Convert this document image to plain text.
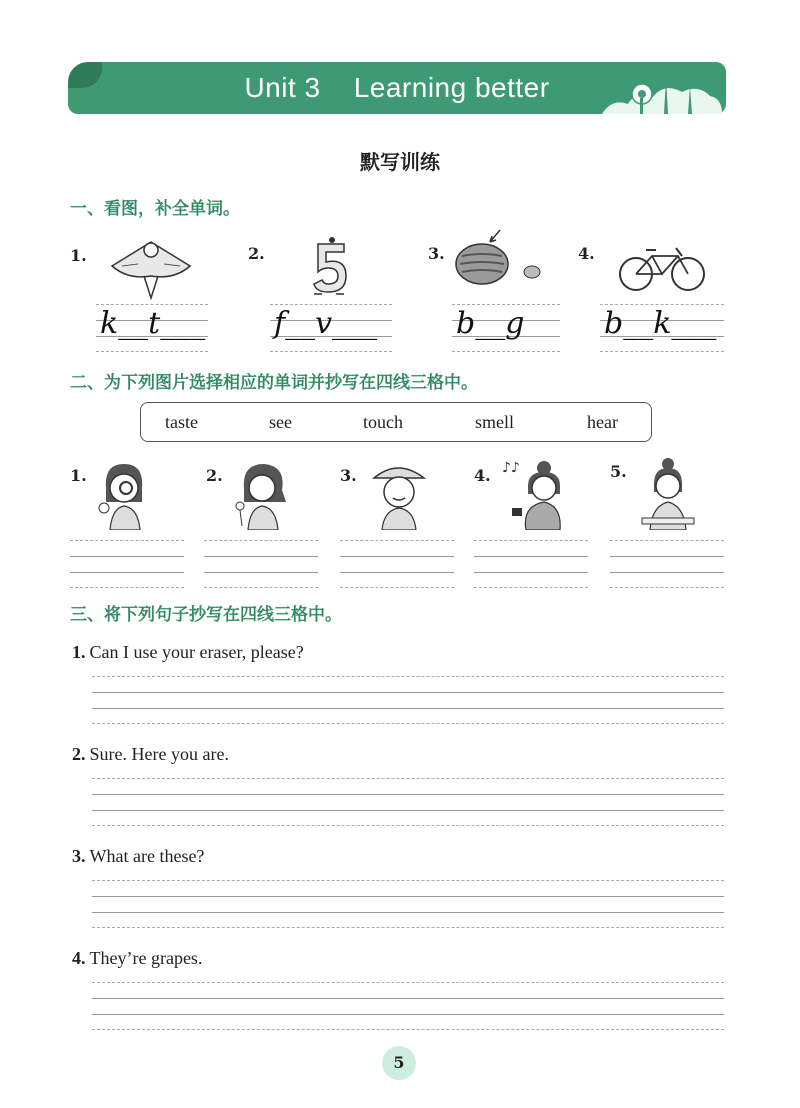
Unit 3    Learning better
默写训练
一、看图，补全单词。
1.
k__t___
2.
f__v___
3.
b__g
4.
b__k___
二、为下列图片选择相应的单词并抄写在四线三格中。
taste	see	touch	smell	hear
1.	2.	3.	4. ♪♪	5.
三、将下列句子抄写在四线三格中。
1. Can I use your eraser, please?
2. Sure. Here you are.
3. What are these?
4. They’re grapes.
5
